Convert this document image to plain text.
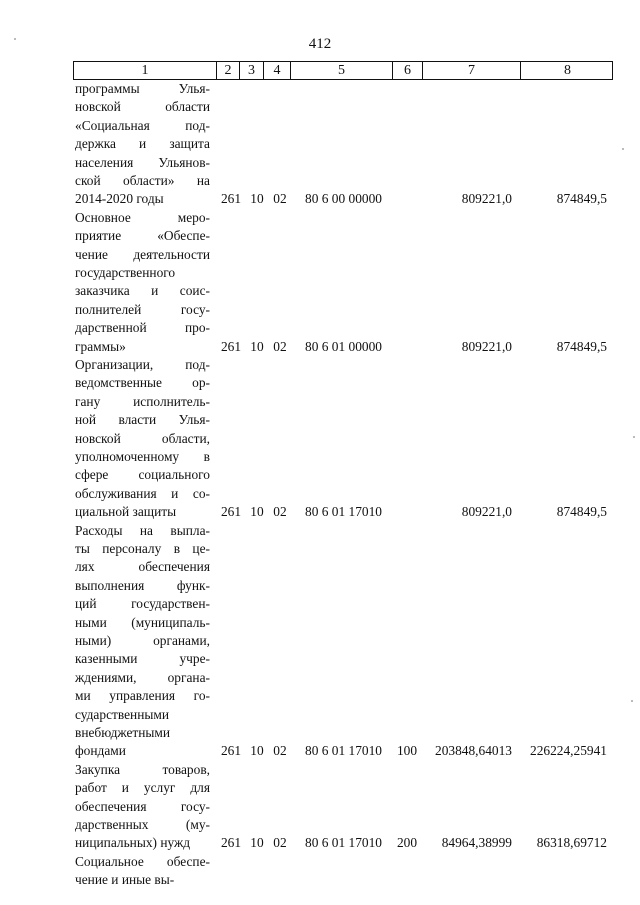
412
1	2	3	4	5	6	7	8
программы Улья-
новской области
«Социальная под-
держка и защита
населения Ульянов-
ской области» на
2014-2020 годы	261 10 02	80 6 00 00000	809221,0	874849,5
Основное меро-
приятие «Обеспе-
чение деятельности
государственного
заказчика и соис-
полнителей госу-
дарственной про-
граммы»	261 10 02	80 6 01 00000	809221,0	874849,5
Организации, под-
ведомственные ор-
гану исполнитель-
ной власти Улья-
новской области,
уполномоченному в
сфере социального
обслуживания и со-
циальной защиты	261 10 02	80 6 01 17010	809221,0	874849,5
Расходы на выпла-
ты персоналу в це-
лях обеспечения
выполнения функ-
ций государствен-
ными (муниципаль-
ными) органами,
казенными учре-
ждениями, органа-
ми управления го-
сударственными
внебюджетными
фондами	261 10 02	80 6 01 17010	100	203848,64013	226224,25941
Закупка товаров,
работ и услуг для
обеспечения госу-
дарственных (му-
ниципальных) нужд	261 10 02	80 6 01 17010	200	84964,38999	86318,69712
Социальное обеспе-
чение и иные вы-
